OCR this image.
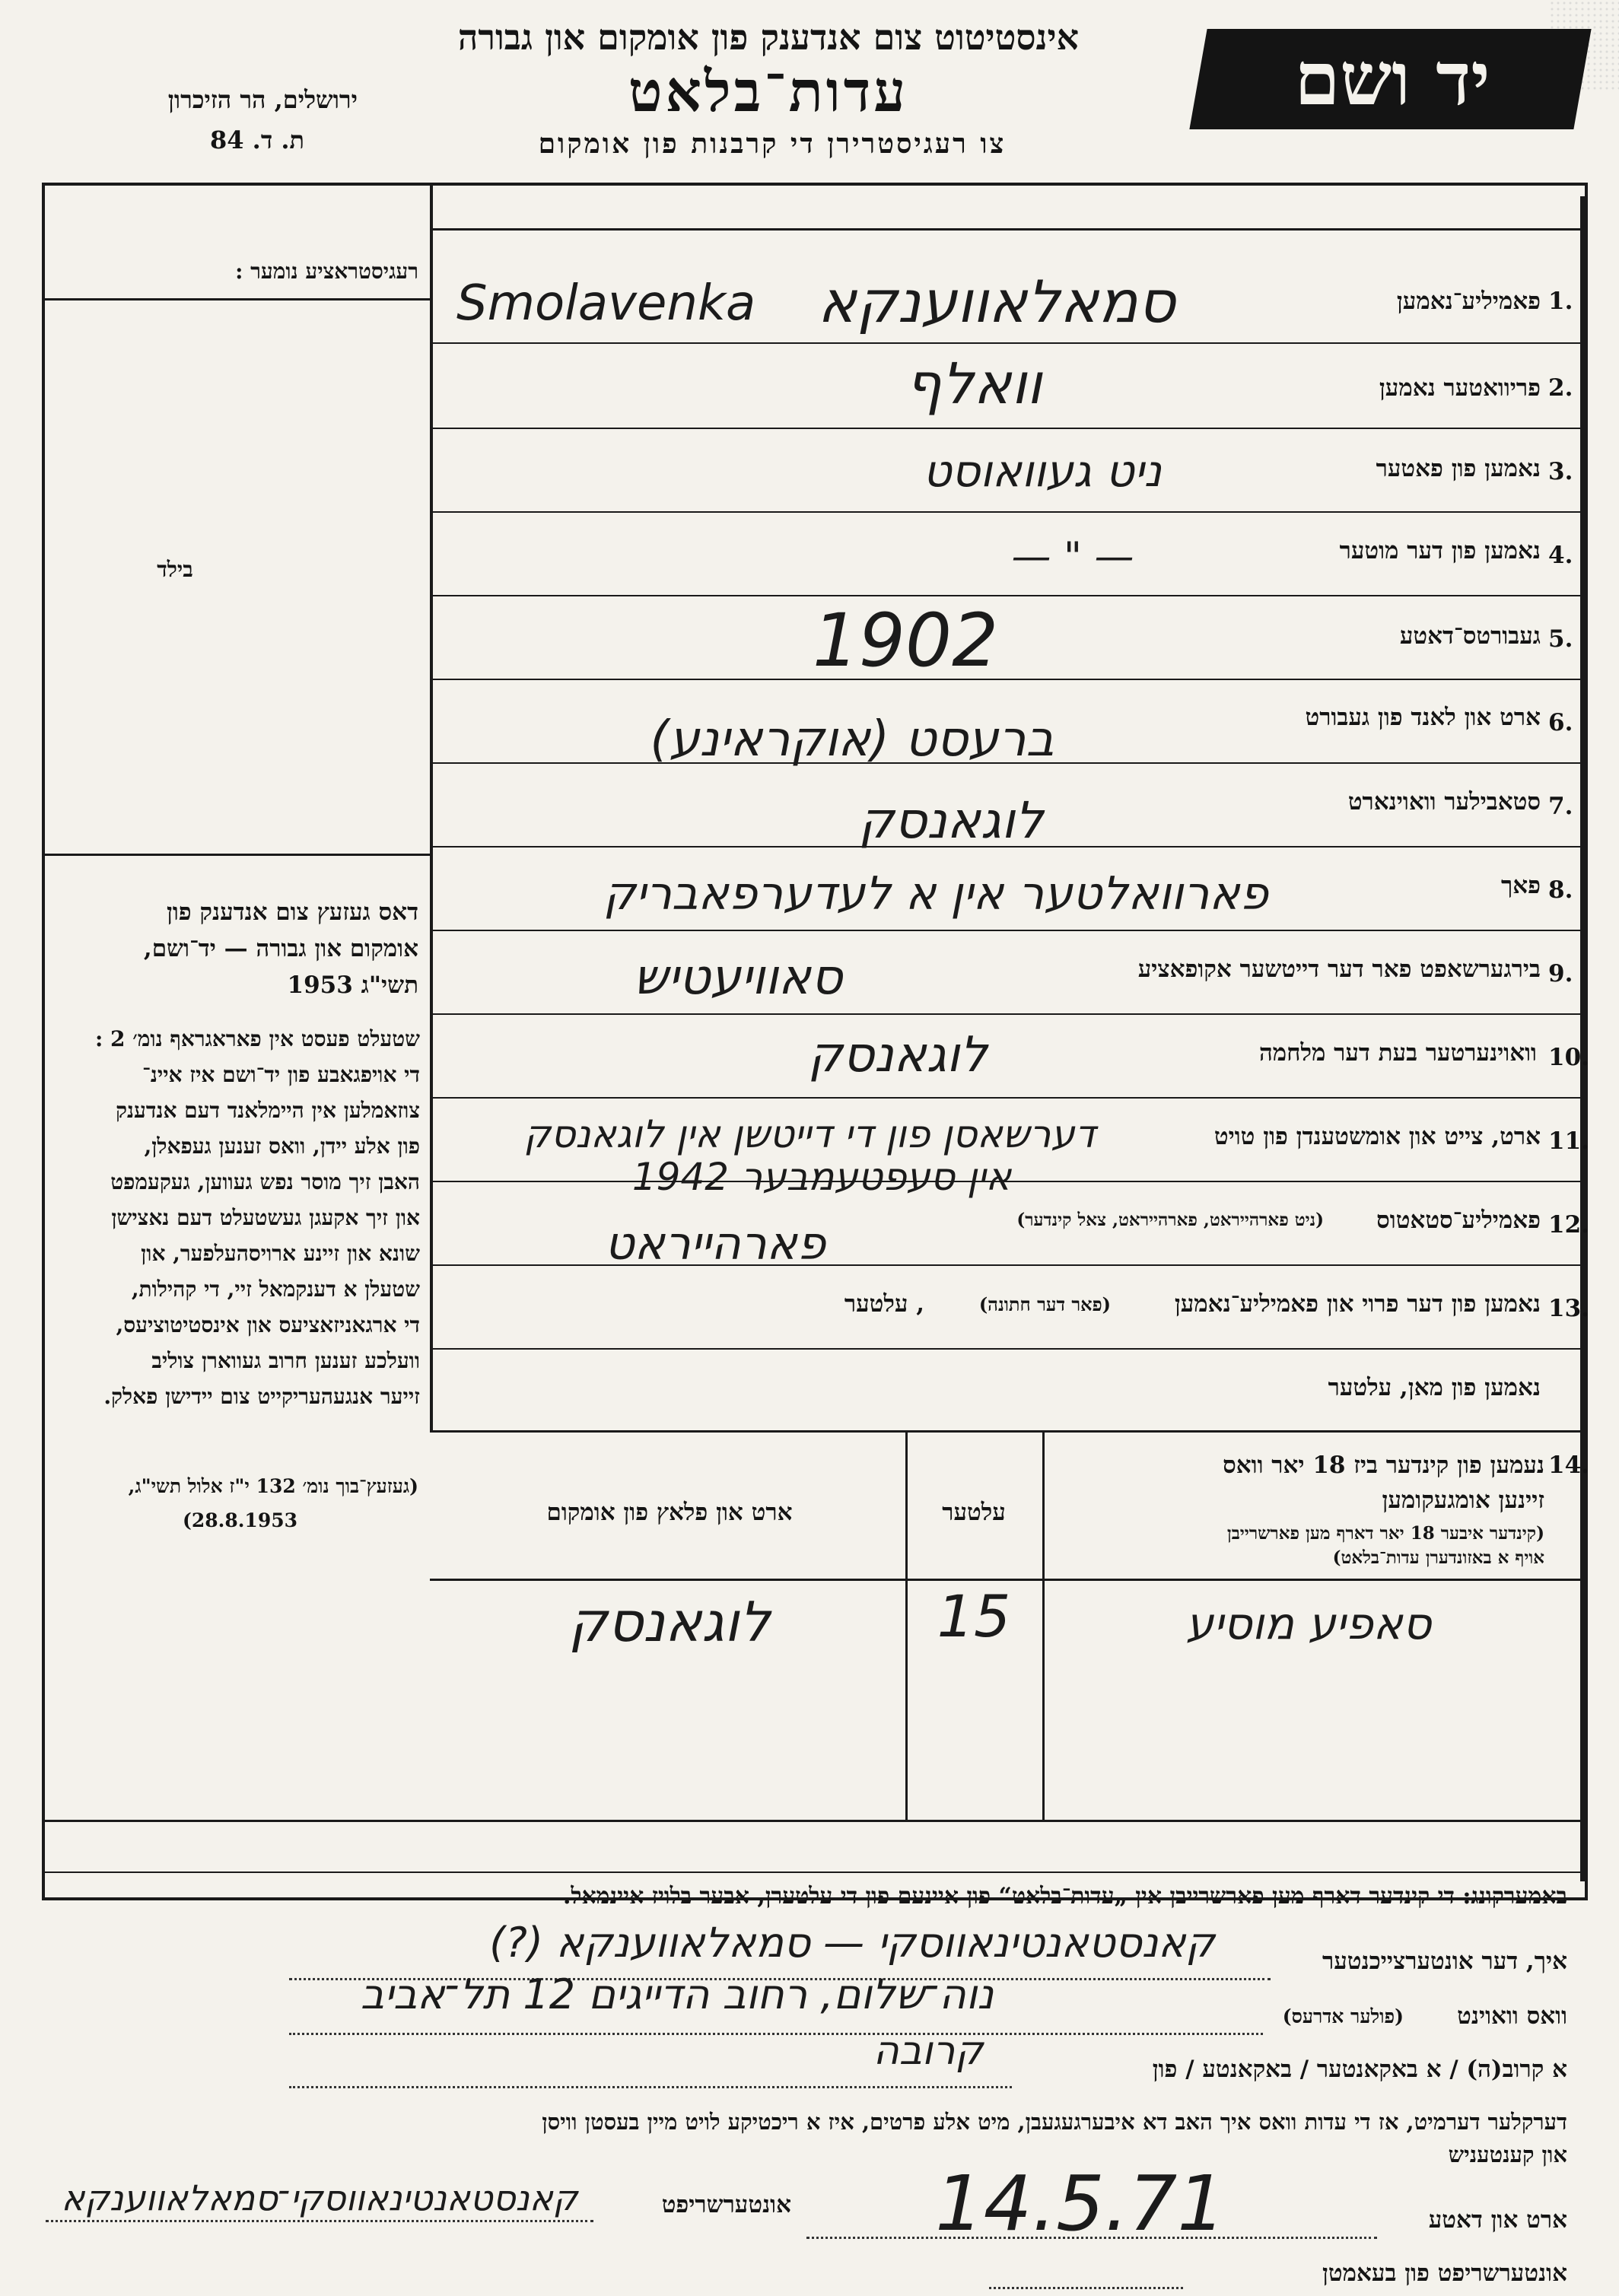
יד ושם
אינסטיטוט צום אנדענק פון אומקום און גבורה
עדות־בלאט
צו רעגיסטרירן די קרבנות פון אומקום
ירושלים, הר הזיכרון
ת. ד. 84
רעגיסטראציע נומער :
בילד
דאס געזעץ צום אנדענק פון
אומקום און גבורה — יד־ושם,
תשי"ג 1953
שטעלט פעסט אין פאראגראף נומ׳ 2 :
די אויפגאבע פון יד־ושם איז איינ־
צוזאמלען אין היימלאנד דעם אנדענק
פון אלע יידן, וואס זענען געפאלן,
האבן זיך מוסר נפש געווען, געקעמפט
און זיך אקעגן געשטעלט דעם נאצישן
שונא און זיינע ארויסהעלפער, און
שטעלן א דענקמאל זיי, די קהילות,
די ארגאניזאציעס און אינסטיטוציעס,
וועלכע זענען חרוב געווארן צוליב
זייער אנגעהעריקייט צום יידישן פאלק.
(געזעץ־בוך נומ׳ 132 י"ז אלול תשי"ג,
(28.8.1953
1.
פאמיליע־נאמען
Smolavenka	סמאלאווענקא
2.
פריוואטער נאמען
וואלף
3.
נאמען פון פאטער
ניט געוואוסט
4.
נאמען פון דער מוטער
— " —
5.
געבורטס־דאטע
1902
6.
ארט און לאנד פון געבורט
ברעסט (אוקראינע)
7.
סטאבילער וואוינארט
לוגאנסק
8.
פאך
פארוואלטער אין א לעדערפאבריק
9.
בירגערשאפט פאר דער דייטשער אקופאציע
סאוויעטיש
10.
וואוינערטער בעת דער מלחמה
לוגאנסק
11.
ארט, צייט און אומשטענדן פון טויט
דערשאסן פון די דייטשן אין לוגאנסק
אין סעפטעמבער 1942
12.
פאמיליע־סטאטוס
(ניט פארהייראט, פארהייראט, צאל קינדער)
פארהייראט
13.
נאמען פון דער פרוי און פאמיליע־נאמען
(פאר דער חתונה)
, עלטער
נאמען פון מאן, עלטער
14.
נעמען פון קינדער ביז 18 יאר וואס
זיינען אומגעקומען
(קינדער איבער 18 יאר דארף מען פארשרייבן
אויף א באזונדערן עדות־בלאט)
עלטער
ארט און פלאץ פון אומקום
סאפיע מוסיע
15
לוגאנסק
באמערקונג: די קינדער דארף מען פארשרייבן אין „עדות־בלאט“ פון איינעם פון די עלטערן, אבער בלויז איינמאל.
איך, דער אונטערצייכנטער
קאנסטאנטינאווסקי — סמאלאווענקא (?)
וואס וואוינט
(פולער אדרעס)
נוה־שלום, רחוב הדייגים 12 תל־אביב
א קרוב(ה) / א באקאנטער / באקאנטע / פון
קרובה
דערקלער דערמיט, אז די עדות וואס איך האב דא איבערגעגעבן, מיט אלע פרטים, איז א ריכטיקע לויט מיין בעסטן וויסן
און קענטעניש
ארט און דאטע
14.5.71
אונטערשריפט
קאנסטאנטינאווסקי־סמאלאווענקא
אונטערשריפט פון בעאמטן
